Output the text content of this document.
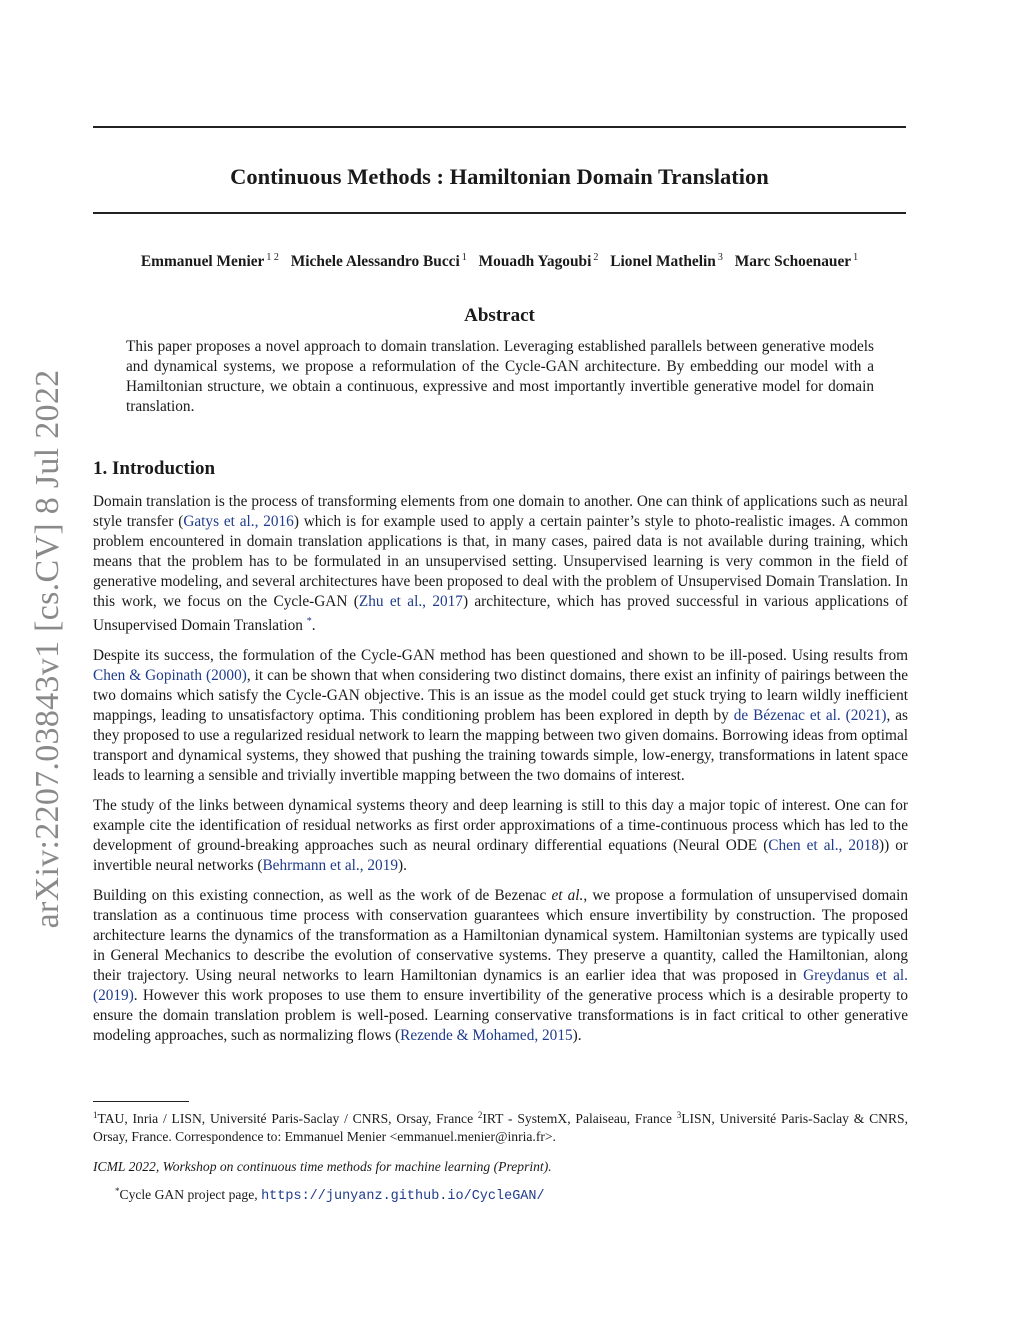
arXiv:2207.03843v1 [cs.CV] 8 Jul 2022
Continuous Methods : Hamiltonian Domain Translation
Emmanuel Menier $^{1 2}$ Michele Alessandro Bucci $^1$ Mouadh Yagoubi $^2$ Lionel Mathelin $^3$ Marc Schoenauer $^1$
Abstract
This paper proposes a novel approach to domain translation. Leveraging established parallels between generative models and dynamical systems, we propose a reformulation of the Cycle-GAN architecture. By embedding our model with a Hamiltonian structure, we obtain a continuous, expressive and most importantly invertible generative model for domain translation.
1. Introduction

Domain translation is the process of transforming elements from one domain to another. One can think of applications such as neural style transfer (Gatys et al., 2016) which is for example used to apply a certain painter’s style to photo-realistic images. A common problem encountered in domain translation applications is that, in many cases, paired data is not available during training, which means that the problem has to be formulated in an unsupervised setting. Unsupervised learning is very common in the field of generative modeling, and several architectures have been proposed to deal with the problem of Unsupervised Domain Translation. In this work, we focus on the Cycle-GAN (Zhu et al., 2017) architecture, which has proved successful in various applications of Unsupervised Domain Translation *.

Despite its success, the formulation of the Cycle-GAN method has been questioned and shown to be ill-posed. Using results from Chen & Gopinath (2000), it can be shown that when considering two distinct domains, there exist an infinity of pairings between the two domains which satisfy the Cycle-GAN objective. This is an issue as the model could get stuck trying to learn wildly inefficient mappings, leading to unsatisfactory optima. This conditioning problem has been explored in depth by de Bézenac et al. (2021), as they proposed to use a regularized residual network to learn the mapping between two given domains. Borrowing ideas from optimal transport and dynamical systems, they showed that pushing the training towards simple, low-energy, transformations in latent space leads to learning a sensible and trivially invertible mapping between the two domains of interest.

The study of the links between dynamical systems theory and deep learning is still to this day a major topic of interest. One can for example cite the identification of residual networks as first order approximations of a time-continuous process which has led to the development of ground-breaking approaches such as neural ordinary differential equations (Neural ODE (Chen et al., 2018)) or invertible neural networks (Behrmann et al., 2019).

Building on this existing connection, as well as the work of de Bezenac et al., we propose a formulation of unsupervised domain translation as a continuous time process with conservation guarantees which ensure invertibility by construction. The proposed architecture learns the dynamics of the transformation as a Hamiltonian dynamical system. Hamiltonian systems are typically used in General Mechanics to describe the evolution of conservative systems. They preserve a quantity, called the Hamiltonian, along their trajectory. Using neural networks to learn Hamiltonian dynamics is an earlier idea that was proposed in Greydanus et al. (2019). However this work proposes to use them to ensure invertibility of the generative process which is a desirable property to ensure the domain translation problem is well-posed. Learning conservative transformations is in fact critical to other generative modeling approaches, such as normalizing flows (Rezende & Mohamed, 2015).

$^1$TAU, Inria / LISN, Université Paris-Saclay / CNRS, Orsay, France $^2$IRT - SystemX, Palaiseau, France $^3$LISN, Université Paris-Saclay & CNRS, Orsay, France. Correspondence to: Emmanuel Menier <emmanuel.menier@inria.fr>.
ICML 2022, Workshop on continuous time methods for machine learning (Preprint).
*Cycle GAN project page, https://junyanz.github.io/CycleGAN/
